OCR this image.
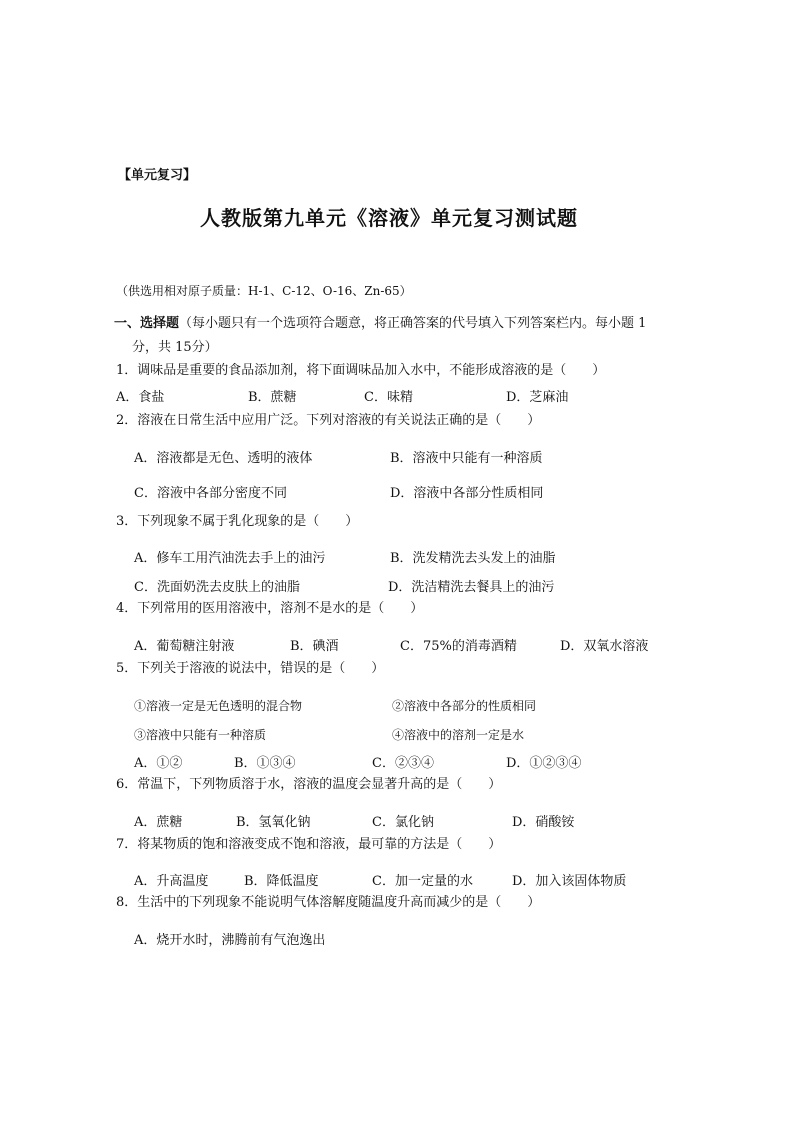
【单元复习】
人教版第九单元《溶液》单元复习测试题
（供选用相对原子质量：H-1、C-12、O-16、Zn-65）
一、选择题（每小题只有一个选项符合题意，将正确答案的代号填入下列答案栏内。每小题 1
分，共 15分）
1．调味品是重要的食品添加剂，将下面调味品加入水中，不能形成溶液的是（　　）
A．食盐	B．蔗糖	C．味精	D．芝麻油
2．溶液在日常生活中应用广泛。下列对溶液的有关说法正确的是（　　）
A．溶液都是无色、透明的液体	B．溶液中只能有一种溶质
C．溶液中各部分密度不同	D．溶液中各部分性质相同
3．下列现象不属于乳化现象的是（　　）
A．修车工用汽油洗去手上的油污	B．洗发精洗去头发上的油脂
C．洗面奶洗去皮肤上的油脂	D．洗洁精洗去餐具上的油污
4．下列常用的医用溶液中，溶剂不是水的是（　　）
A．葡萄糖注射液	B．碘酒	C．75%的消毒酒精	D．双氧水溶液
5．下列关于溶液的说法中，错误的是（　　）
①溶液一定是无色透明的混合物	②溶液中各部分的性质相同
③溶液中只能有一种溶质	④溶液中的溶剂一定是水
A．①②	B．①③④	C．②③④	D．①②③④
6．常温下，下列物质溶于水，溶液的温度会显著升高的是（　　）
A．蔗糖	B．氢氧化钠	C．氯化钠	D．硝酸铵
7．将某物质的饱和溶液变成不饱和溶液，最可靠的方法是（　　）
A．升高温度	B．降低温度	C．加一定量的水	D．加入该固体物质
8．生活中的下列现象不能说明气体溶解度随温度升高而减少的是（　　）
A．烧开水时，沸腾前有气泡逸出
